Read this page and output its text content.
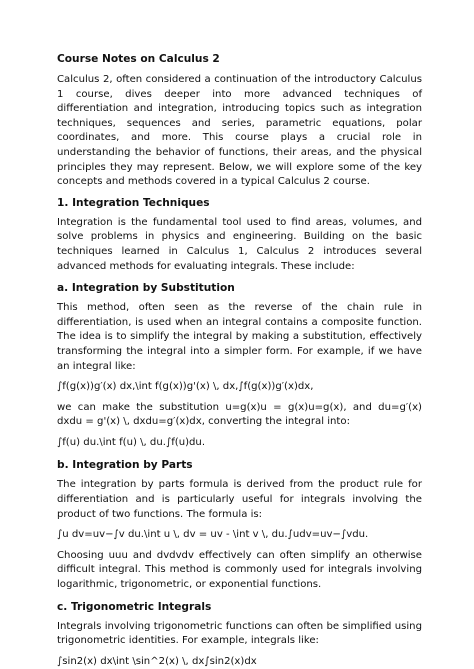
Course Notes on Calculus 2

Calculus 2, often considered a continuation of the introductory Calculus 1 course, dives deeper into more advanced techniques of differentiation and integration, introducing topics such as integration techniques, sequences and series, parametric equations, polar coordinates, and more. This course plays a crucial role in understanding the behavior of functions, their areas, and the physical principles they may represent. Below, we will explore some of the key concepts and methods covered in a typical Calculus 2 course.

1. Integration Techniques

Integration is the fundamental tool used to find areas, volumes, and solve problems in physics and engineering. Building on the basic techniques learned in Calculus 1, Calculus 2 introduces several advanced methods for evaluating integrals. These include:

a. Integration by Substitution

This method, often seen as the reverse of the chain rule in differentiation, is used when an integral contains a composite function. The idea is to simplify the integral by making a substitution, effectively transforming the integral into a simpler form. For example, if we have an integral like:

∫f(g(x))g′(x) dx,\int f(g(x))g'(x) \, dx,∫f(g(x))g′(x)dx,

we can make the substitution u=g(x)u = g(x)u=g(x), and du=g′(x) dxdu = g'(x) \, dxdu=g′(x)dx, converting the integral into:

∫f(u) du.\int f(u) \, du.∫f(u)du.

b. Integration by Parts

The integration by parts formula is derived from the product rule for differentiation and is particularly useful for integrals involving the product of two functions. The formula is:

∫u dv=uv−∫v du.\int u \, dv = uv - \int v \, du.∫udv=uv−∫vdu.

Choosing uuu and dvdvdv effectively can often simplify an otherwise difficult integral. This method is commonly used for integrals involving logarithmic, trigonometric, or exponential functions.

c. Trigonometric Integrals

Integrals involving trigonometric functions can often be simplified using trigonometric identities. For example, integrals like:

∫sin2(x) dx\int \sin^2(x) \, dx∫sin2(x)dx
